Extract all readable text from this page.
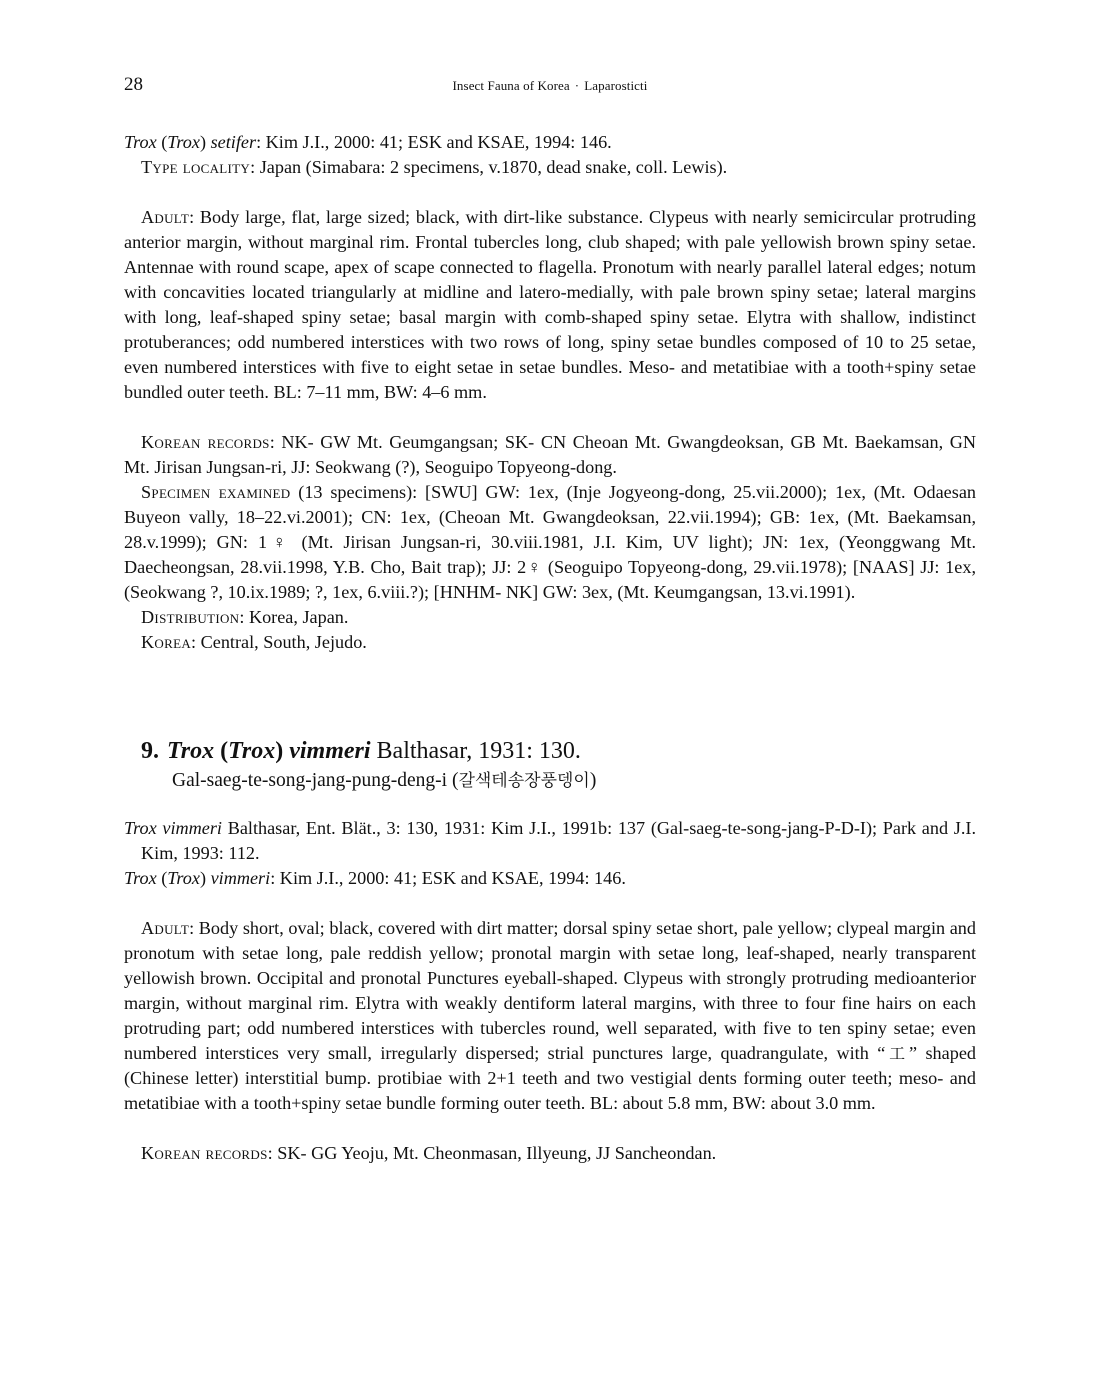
28	Insect Fauna of Korea · Laparosticti

Trox (Trox) setifer: Kim J.I., 2000: 41; ESK and KSAE, 1994: 146.

Type locality: Japan (Simabara: 2 specimens, v.1870, dead snake, coll. Lewis).

Adult: Body large, flat, large sized; black, with dirt-like substance. Clypeus with nearly semicircular protruding anterior margin, without marginal rim. Frontal tubercles long, club shaped; with pale yellowish brown spiny setae. Antennae with round scape, apex of scape connected to flagella. Pronotum with nearly parallel lateral edges; notum with concavities located triangularly at midline and latero-medially, with pale brown spiny setae; lateral margins with long, leaf-shaped spiny setae; basal margin with comb-shaped spiny setae. Elytra with shallow, indistinct protuberances; odd numbered interstices with two rows of long, spiny setae bundles composed of 10 to 25 setae, even numbered interstices with five to eight setae in setae bundles. Meso- and metatibiae with a tooth+spiny setae bundled outer teeth. BL: 7–11 mm, BW: 4–6 mm.

Korean records: NK- GW Mt. Geumgangsan; SK- CN Cheoan Mt. Gwangdeoksan, GB Mt. Baekamsan, GN Mt. Jirisan Jungsan-ri, JJ: Seokwang (?), Seoguipo Topyeong-dong.

Specimen examined (13 specimens): [SWU] GW: 1ex, (Inje Jogyeong-dong, 25.vii.2000); 1ex, (Mt. Odaesan Buyeon vally, 18–22.vi.2001); CN: 1ex, (Cheoan Mt. Gwangdeoksan, 22.vii.1994); GB: 1ex, (Mt. Baekamsan, 28.v.1999); GN: 1♀ (Mt. Jirisan Jungsan-ri, 30.viii.1981, J.I. Kim, UV light); JN: 1ex, (Yeonggwang Mt. Daecheongsan, 28.vii.1998, Y.B. Cho, Bait trap); JJ: 2♀ (Seoguipo Topyeong-dong, 29.vii.1978); [NAAS] JJ: 1ex, (Seokwang ?, 10.ix.1989; ?, 1ex, 6.viii.?); [HNHM- NK] GW: 3ex, (Mt. Keumgangsan, 13.vi.1991).

Distribution: Korea, Japan.

Korea: Central, South, Jejudo.

9. Trox (Trox) vimmeri Balthasar, 1931: 130.
Gal-saeg-te-song-jang-pung-deng-i (갈색테송장풍뎅이)

Trox vimmeri Balthasar, Ent. Blät., 3: 130, 1931: Kim J.I., 1991b: 137 (Gal-saeg-te-song-jang-P-D-I); Park and J.I. Kim, 1993: 112.

Trox (Trox) vimmeri: Kim J.I., 2000: 41; ESK and KSAE, 1994: 146.

Adult: Body short, oval; black, covered with dirt matter; dorsal spiny setae short, pale yellow; clypeal margin and pronotum with setae long, pale reddish yellow; pronotal margin with setae long, leaf-shaped, nearly transparent yellowish brown. Occipital and pronotal Punctures eyeball-shaped. Clypeus with strongly protruding medioanterior margin, without marginal rim. Elytra with weakly dentiform lateral margins, with three to four fine hairs on each protruding part; odd numbered interstices with tubercles round, well separated, with five to ten spiny setae; even numbered interstices very small, irregularly dispersed; strial punctures large, quadrangulate, with “工” shaped (Chinese letter) interstitial bump. protibiae with 2+1 teeth and two vestigial dents forming outer teeth; meso- and metatibiae with a tooth+spiny setae bundle forming outer teeth. BL: about 5.8 mm, BW: about 3.0 mm.

Korean records: SK- GG Yeoju, Mt. Cheonmasan, Illyeung, JJ Sancheondan.
